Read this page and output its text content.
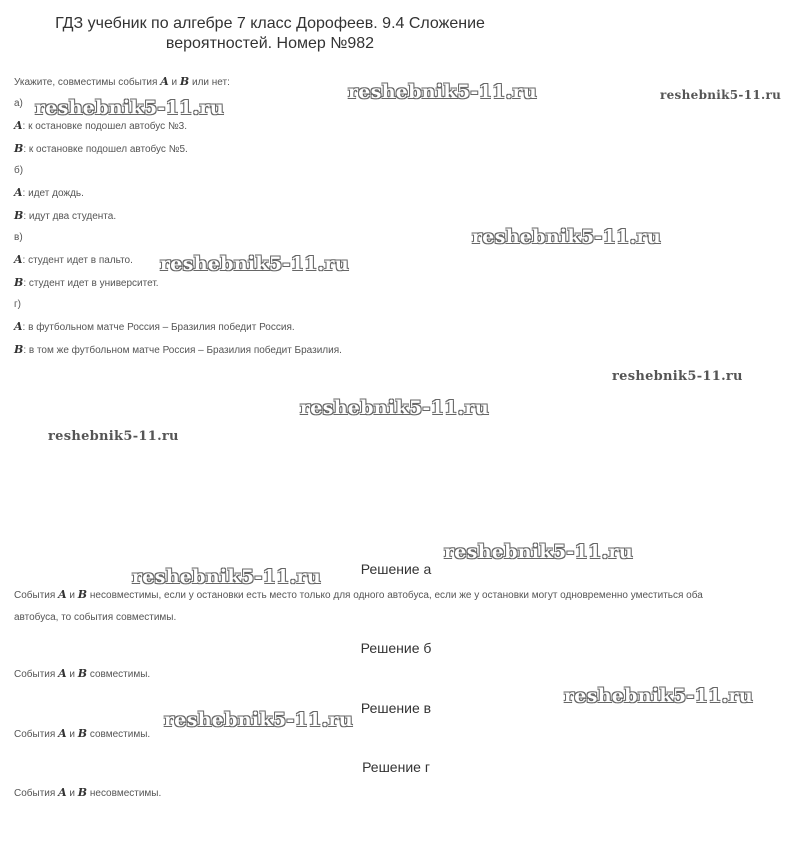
ГДЗ учебник по алгебре 7 класс Дорофеев. 9.4 Сложение вероятностей. Номер №982
Укажите, совместимы события A и B или нет:
а)
A: к остановке подошел автобус №3.
B: к остановке подошел автобус №5.
б)
A: идет дождь.
B: идут два студента.
в)
A: студент идет в пальто.
B: студент идет в университет.
г)
A: в футбольном матче Россия – Бразилия победит Россия.
B: в том же футбольном матче Россия – Бразилия победит Бразилия.
Решение а
События A и B несовместимы, если у остановки есть место только для одного автобуса, если же у остановки могут одновременно уместиться оба
автобуса, то события совместимы.
Решение б
События A и B совместимы.
Решение в
События A и B совместимы.
Решение г
События A и B несовместимы.
reshebnik5-11.ru
reshebnik5-11.ru	reshebnik5-11.ru
reshebnik5-11.ru
reshebnik5-11.ru
reshebnik5-11.ru
reshebnik5-11.ru
reshebnik5-11.ru
reshebnik5-11.ru
reshebnik5-11.ru
reshebnik5-11.ru
reshebnik5-11.ru
